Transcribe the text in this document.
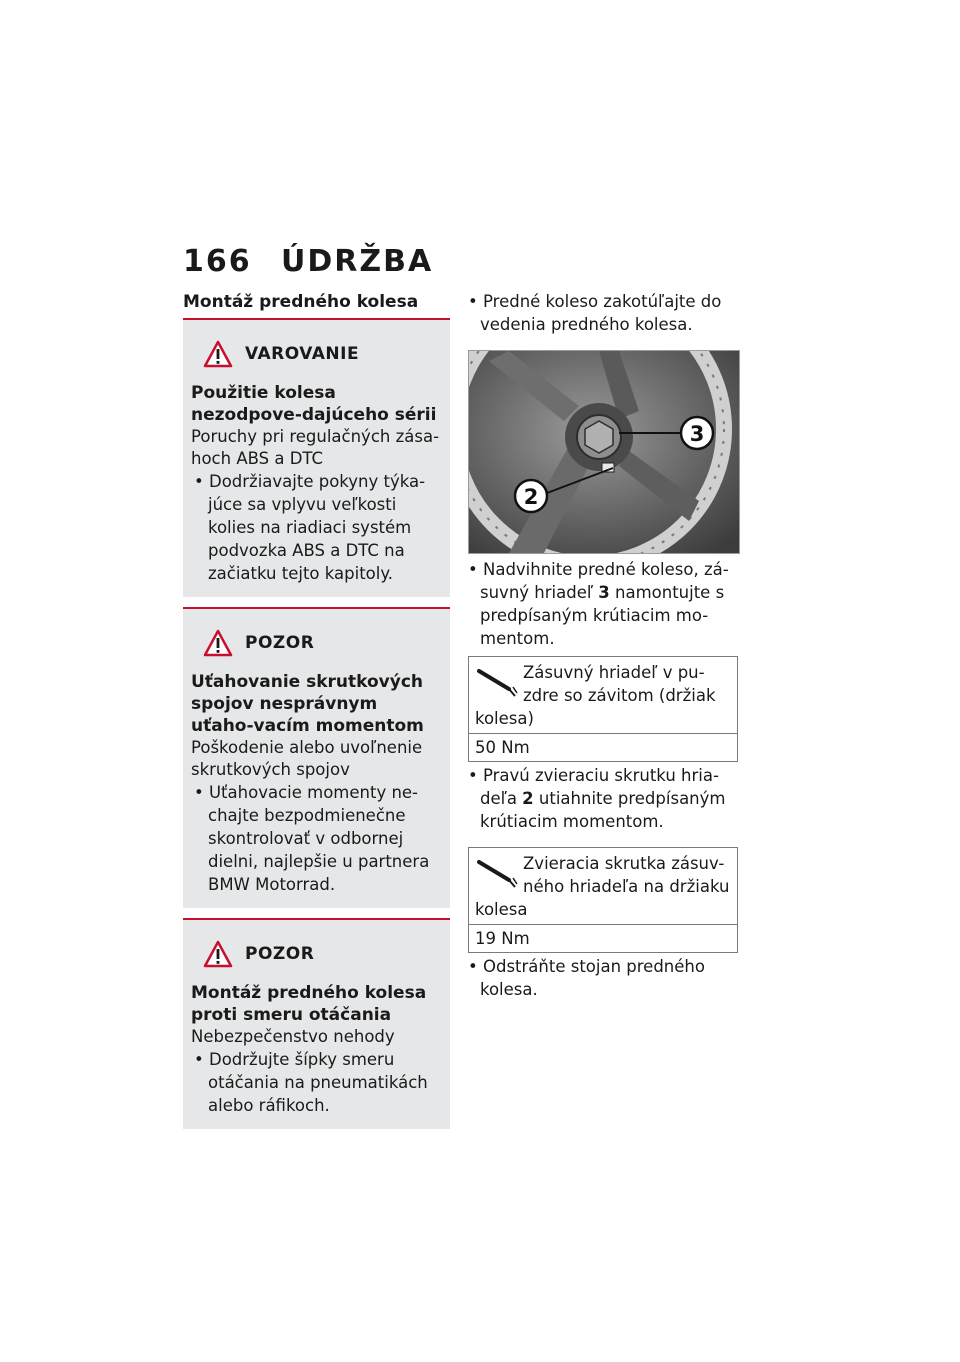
166 ÚDRŽBA
Montáž predného kolesa
VAROVANIE
Použitie kolesa nezodpove-dajúceho sérii
Poruchy pri regulačných zása-hoch ABS a DTC
• Dodržiavajte pokyny týka-júce sa vplyvu veľkosti kolies na riadiaci systém podvozka ABS a DTC na začiatku tejto kapitoly.
POZOR
Uťahovanie skrutkových spojov nesprávnym uťaho-vacím momentom
Poškodenie alebo uvoľnenie skrutkových spojov
• Uťahovacie momenty ne-chajte bezpodmienečne skontrolovať v odbornej dielni, najlepšie u partnera BMW Motorrad.
POZOR
Montáž predného kolesa proti smeru otáčania
Nebezpečenstvo nehody
• Dodržujte šípky smeru otáčania na pneumatikách alebo ráfikoch.
• Predné koleso zakotúľajte do vedenia predného kolesa.
3
2
• Nadvihnite predné koleso, zá-suvný hriadeľ 3 namontujte s predpísaným krútiacim mo-mentom.
Zásuvný hriadeľ v pu-zdre so závitom (držiak kolesa)
50 Nm
• Pravú zvieraciu skrutku hria-deľa 2 utiahnite predpísaným krútiacim momentom.
Zvieracia skrutka zásuv-ného hriadeľa na držiaku kolesa
19 Nm
• Odstráňte stojan predného kolesa.
